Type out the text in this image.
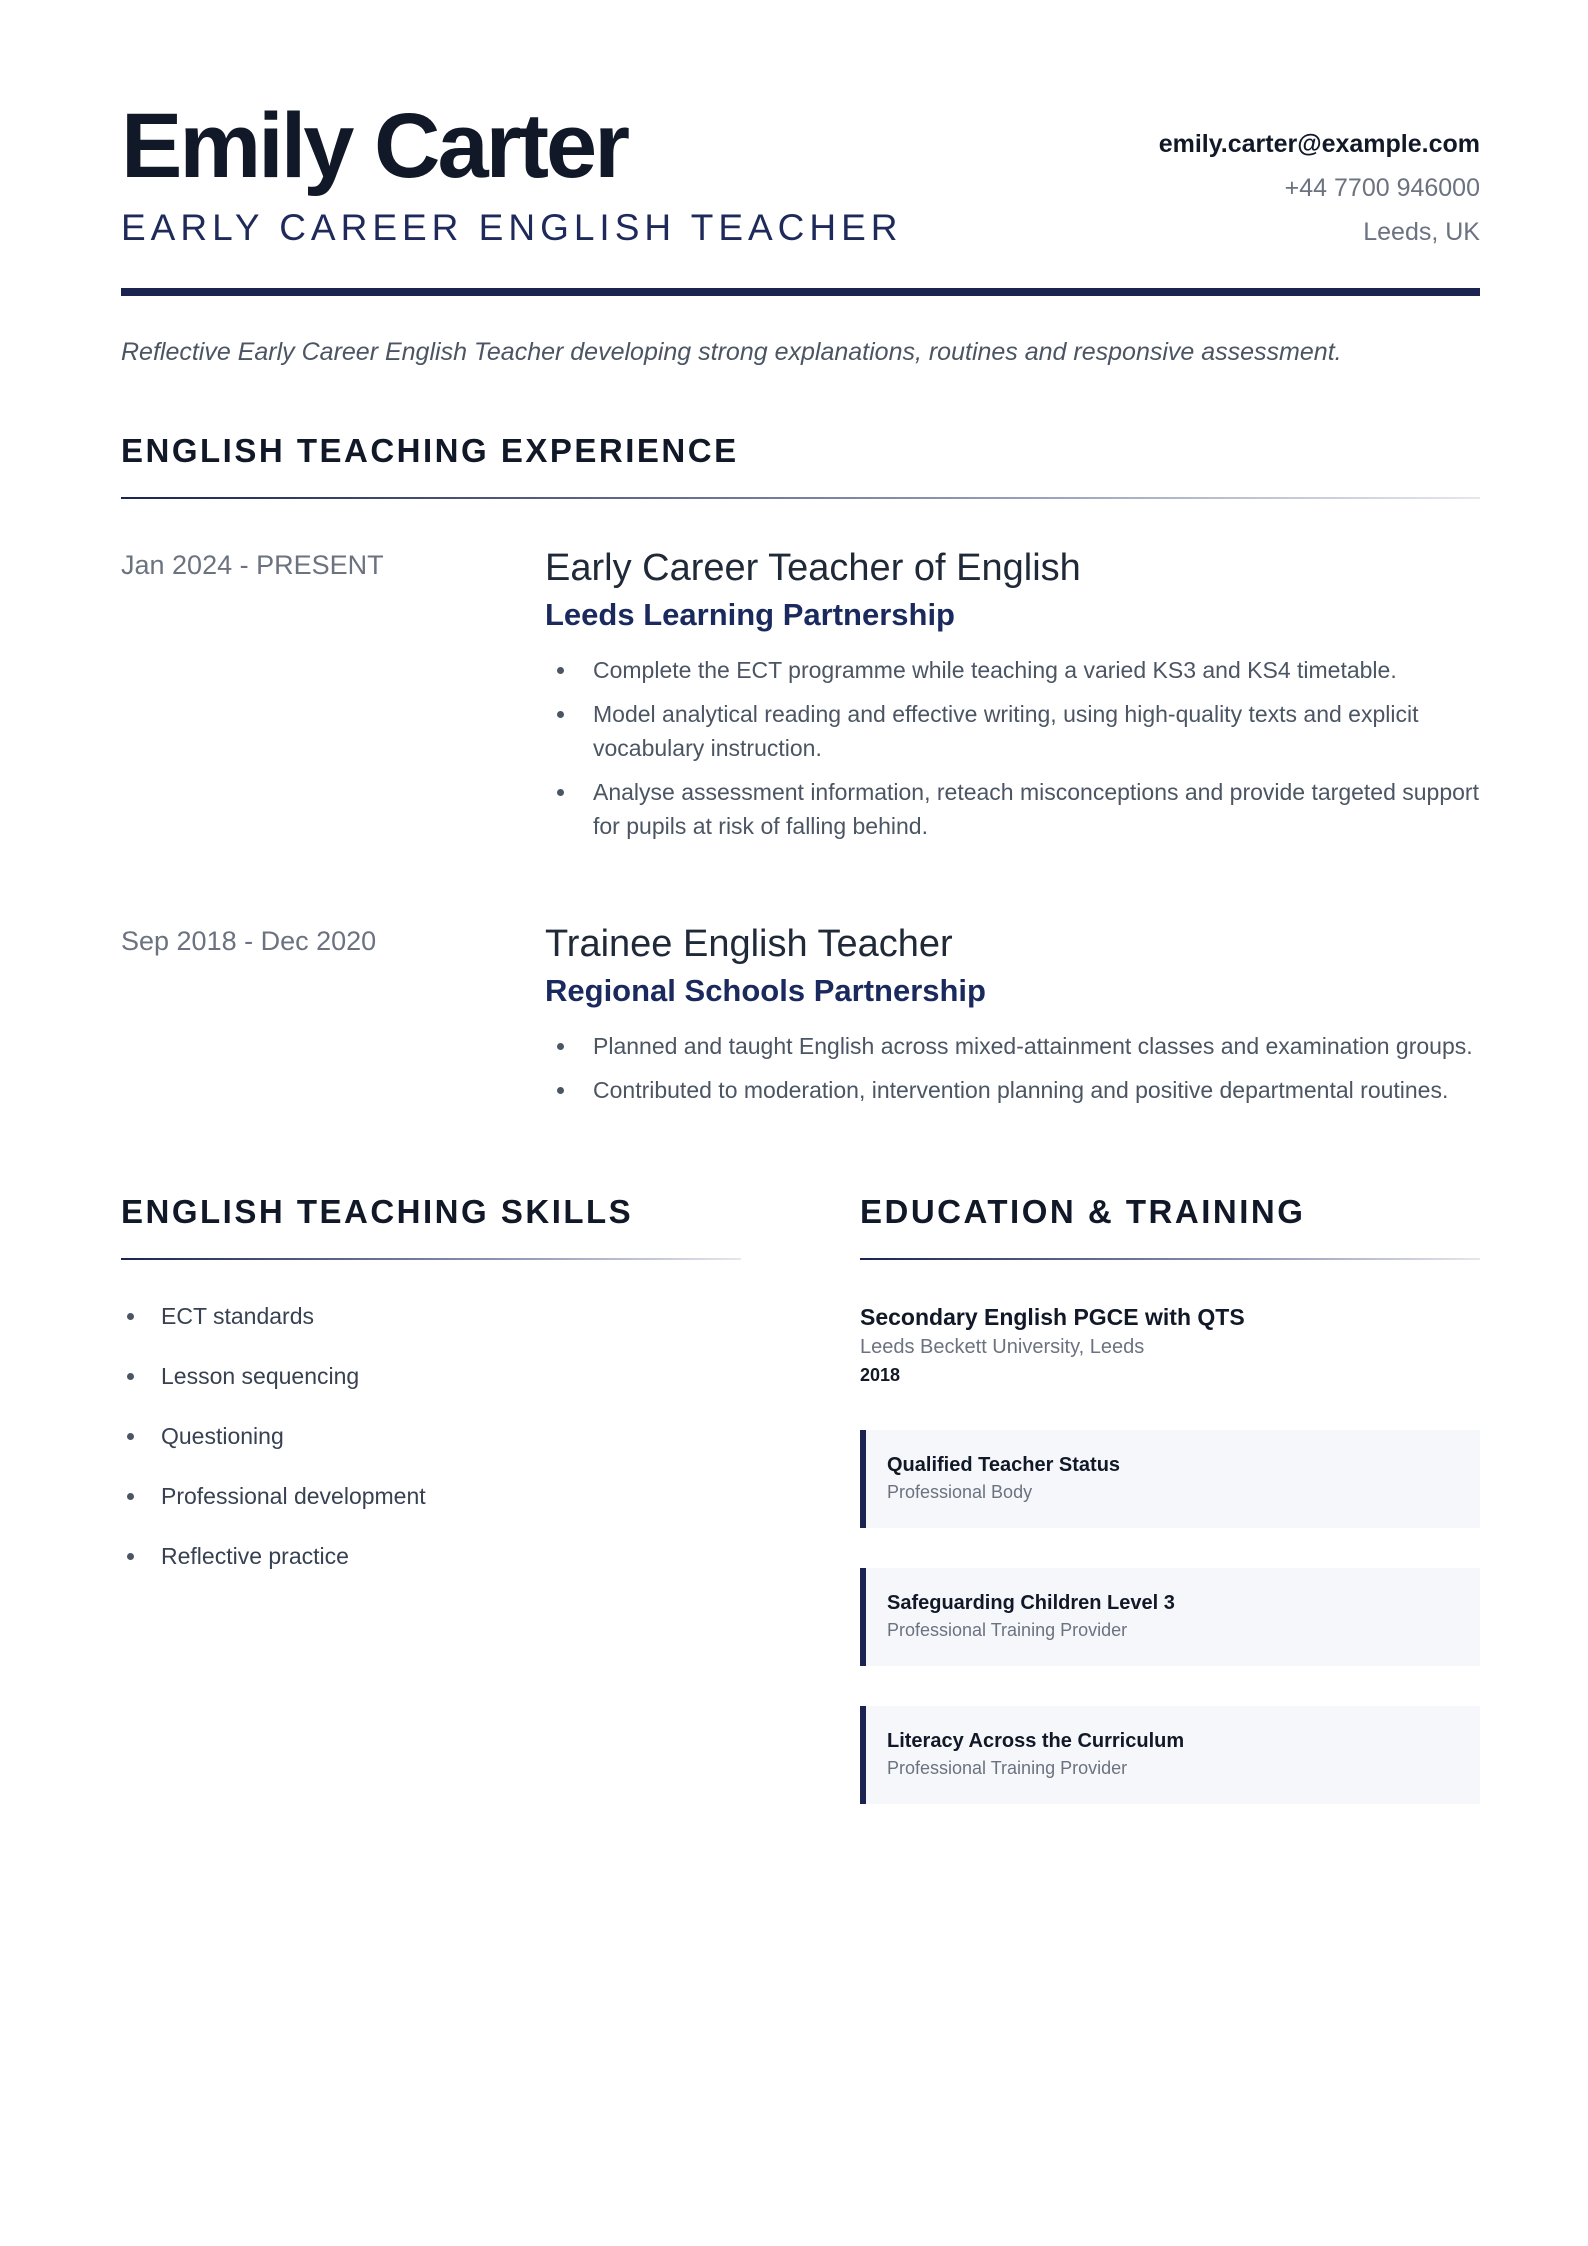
Emily Carter
EARLY CAREER ENGLISH TEACHER
emily.carter@example.com
+44 7700 946000
Leeds, UK

Reflective Early Career English Teacher developing strong explanations, routines and responsive assessment.

ENGLISH TEACHING EXPERIENCE
Jan 2024 - PRESENT	Early Career Teacher of English
Leeds Learning Partnership
Complete the ECT programme while teaching a varied KS3 and KS4 timetable.
Model analytical reading and effective writing, using high-quality texts and explicit vocabulary instruction.
Analyse assessment information, reteach misconceptions and provide targeted support for pupils at risk of falling behind.
Sep 2018 - Dec 2020	Trainee English Teacher
Regional Schools Partnership
Planned and taught English across mixed-attainment classes and examination groups.
Contributed to moderation, intervention planning and positive departmental routines.
ENGLISH TEACHING SKILLS
ECT standards
Lesson sequencing
Questioning
Professional development
Reflective practice
EDUCATION & TRAINING
Secondary English PGCE with QTS
Leeds Beckett University, Leeds
2018
Qualified Teacher Status
Professional Body
Safeguarding Children Level 3
Professional Training Provider
Literacy Across the Curriculum
Professional Training Provider
